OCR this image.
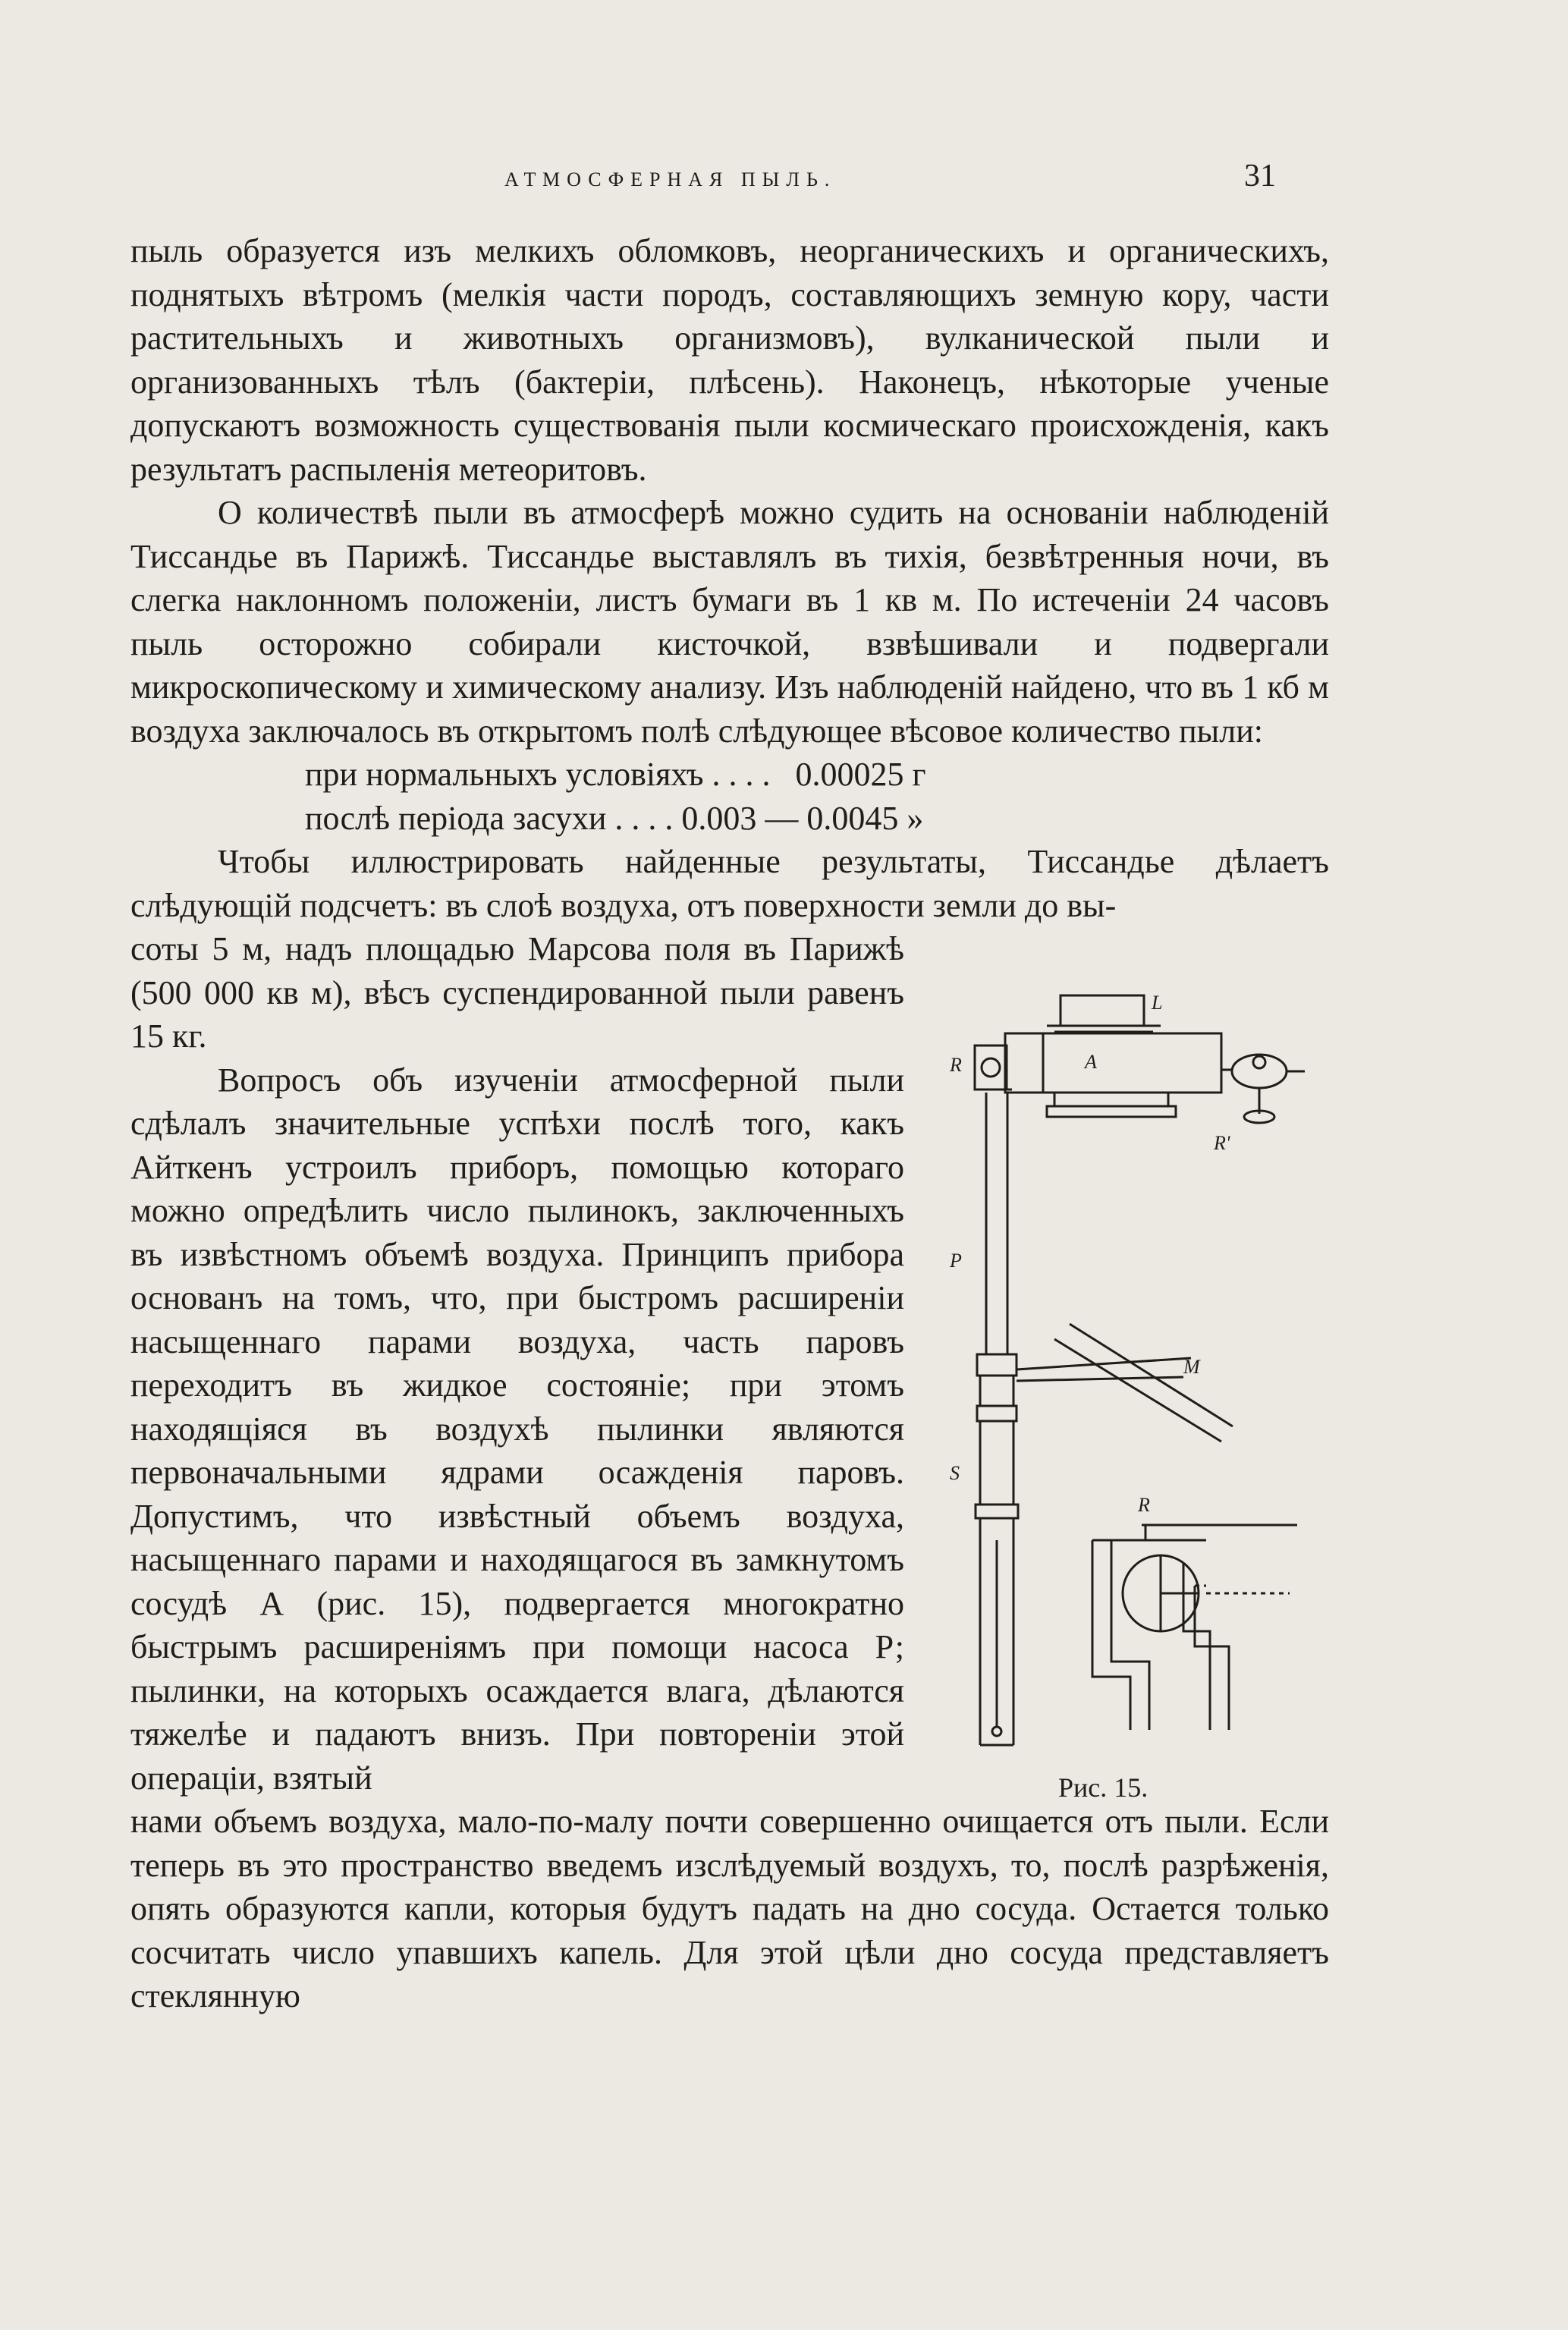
АТМОСФЕРНАЯ ПЫЛЬ.	31

пыль образуется изъ мелкихъ обломковъ, неорганическихъ и органическихъ, поднятыхъ вѣтромъ (мелкія части породъ, составляющихъ земную кору, части растительныхъ и животныхъ организмовъ), вулканической пыли и организованныхъ тѣлъ (бактеріи, плѣсень). Наконецъ, нѣкоторые ученые допускаютъ возможность существованія пыли космическаго происхожденія, какъ результатъ распыленія метеоритовъ.

О количествѣ пыли въ атмосферѣ можно судить на основаніи наблюденій Тиссандье въ Парижѣ. Тиссандье выставлялъ въ тихія, безвѣтренныя ночи, въ слегка наклонномъ положеніи, листъ бумаги въ 1 кв м. По истеченіи 24 часовъ пыль осторожно собирали кисточкой, взвѣшивали и подвергали микроскопическому и химическому анализу. Изъ наблюденій найдено, что въ 1 кб м воздуха заключалось въ открытомъ полѣ слѣдующее вѣсовое количество пыли:

при нормальныхъ условіяхъ . . . .   0.00025 г

послѣ періода засухи . . . . 0.003 — 0.0045 »

Чтобы иллюстрировать найденные результаты, Тиссандье дѣлаетъ слѣдующій подсчетъ: въ слоѣ воздуха, отъ поверхности земли до вы-

соты 5 м, надъ площадью Марсова поля въ Парижѣ (500 000 кв м), вѣсъ суспендированной пыли равенъ 15 кг.

Вопросъ объ изученіи атмосферной пыли сдѣлалъ значительные успѣхи послѣ того, какъ Айткенъ устроилъ приборъ, помощью котораго можно опредѣлить число пылинокъ, заключенныхъ въ извѣстномъ объемѣ воздуха. Принципъ прибора основанъ на томъ, что, при быстромъ расширеніи насыщеннаго парами воздуха, часть паровъ переходитъ въ жидкое состояніе; при этомъ находящіяся въ воздухѣ пылинки являются первоначальными ядрами осажденія паровъ. Допустимъ, что извѣстный объемъ воздуха, насыщеннаго парами и находящагося въ замкнутомъ сосудѣ А (рис. 15), подвергается многократно быстрымъ расширеніямъ при помощи насоса Р; пылинки, на которыхъ осаждается влага, дѣлаются тяжелѣе и падаютъ внизъ. При повтореніи этой операціи, взятый

нами объемъ воздуха, мало-по-малу почти совершенно очищается отъ пыли. Если теперь въ это пространство введемъ изслѣдуемый воздухъ, то, послѣ разрѣженія, опять образуются капли, которыя будутъ падать на дно сосуда. Остается только сосчитать число упавшихъ капель. Для этой цѣли дно сосуда представляетъ стеклянную

L
A
R
R'
P
M
S
R
Рис. 15.
